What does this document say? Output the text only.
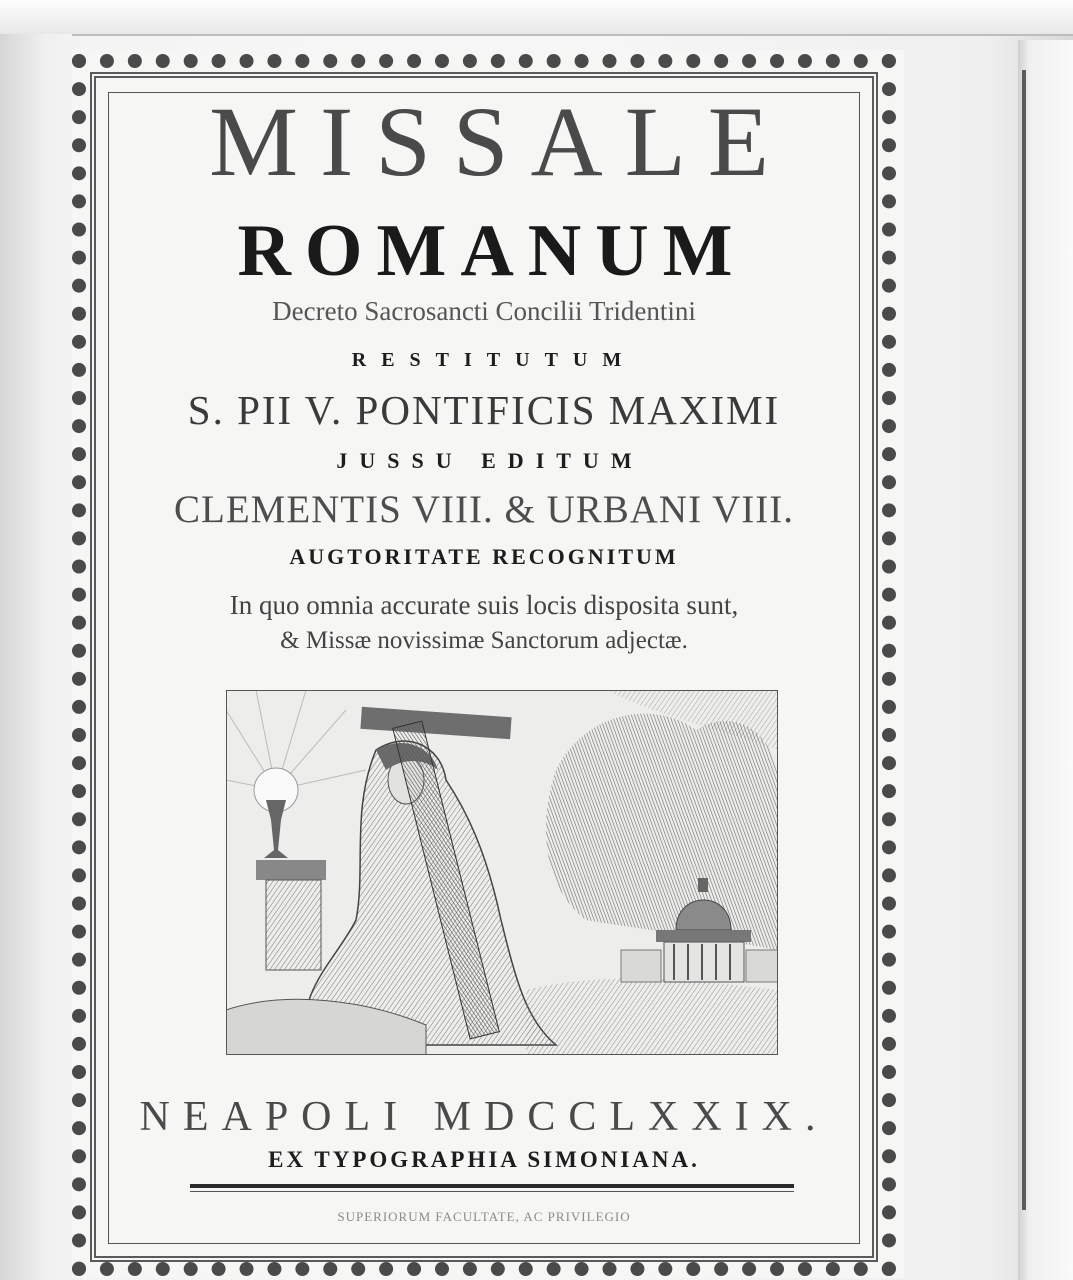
MISSALE
ROMANUM
Decreto Sacrosancti Concilii Tridentini
RESTITUTUM
S. PII V. PONTIFICIS MAXIMI
JUSSU EDITUM
CLEMENTIS VIII. & URBANI VIII.
AUGTORITATE RECOGNITUM
In quo omnia accurate suis locis disposita sunt,
& Missæ novissimæ Sanctorum adjectæ.
NEAPOLI MDCCLXXIX.
EX TYPOGRAPHIA SIMONIANA.
SUPERIORUM FACULTATE, AC PRIVILEGIO
